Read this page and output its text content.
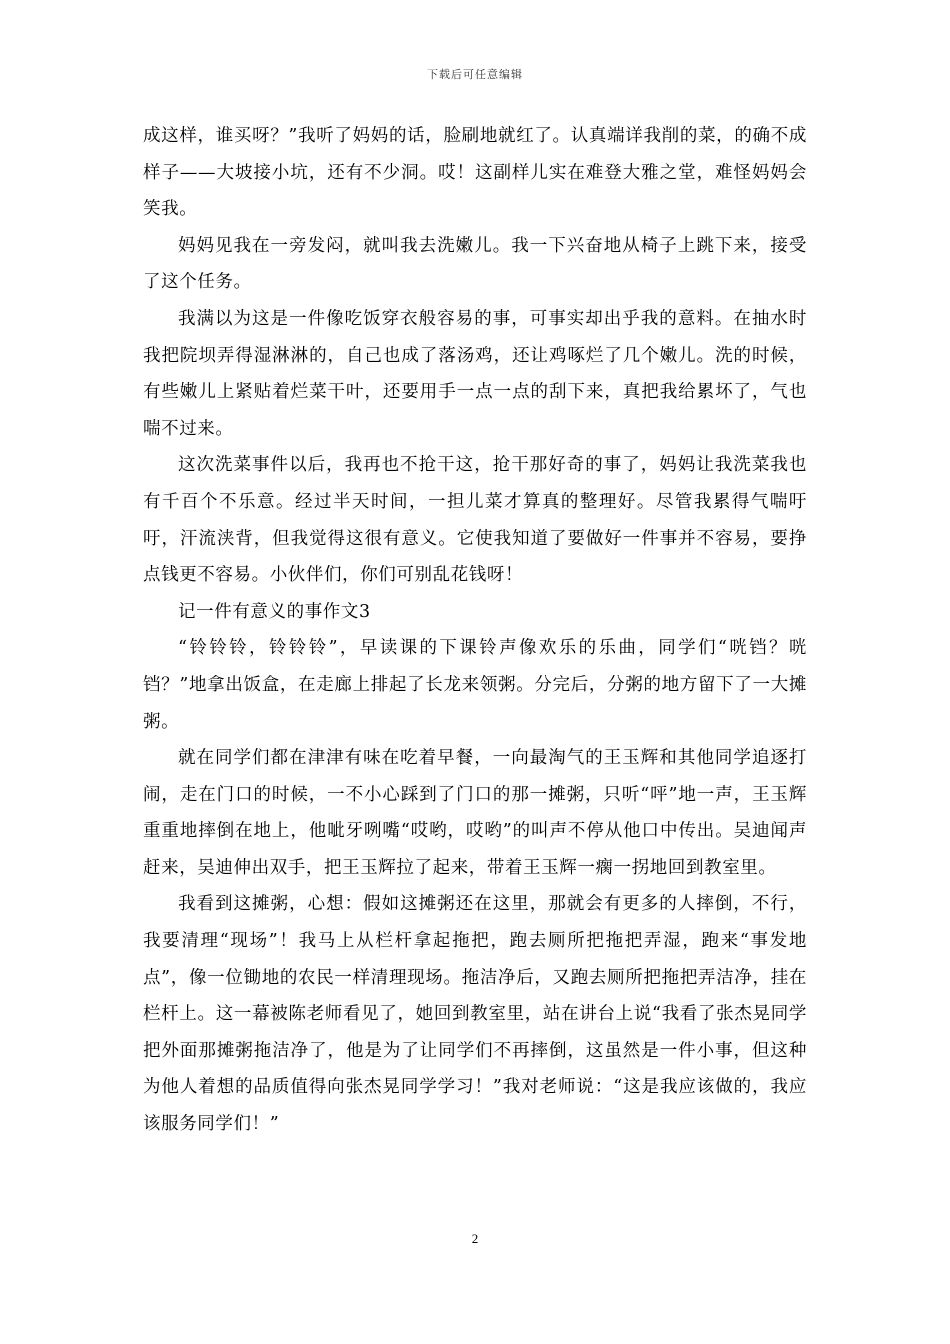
下载后可任意编辑

成这样，谁买呀？”我听了妈妈的话，脸刷地就红了。认真端详我削的菜，的确不成样子——大坡接小坑，还有不少洞。哎！这副样儿实在难登大雅之堂，难怪妈妈会笑我。

妈妈见我在一旁发闷，就叫我去洗嫩儿。我一下兴奋地从椅子上跳下来，接受了这个任务。

我满以为这是一件像吃饭穿衣般容易的事，可事实却出乎我的意料。在抽水时我把院坝弄得湿淋淋的，自己也成了落汤鸡，还让鸡啄烂了几个嫩儿。洗的时候，有些嫩儿上紧贴着烂菜干叶，还要用手一点一点的刮下来，真把我给累坏了，气也喘不过来。

这次洗菜事件以后，我再也不抢干这，抢干那好奇的事了，妈妈让我洗菜我也有千百个不乐意。经过半天时间，一担儿菜才算真的整理好。尽管我累得气喘吁吁，汗流浃背，但我觉得这很有意义。它使我知道了要做好一件事并不容易，要挣点钱更不容易。小伙伴们，你们可别乱花钱呀！

记一件有意义的事作文3

“铃铃铃，铃铃铃”，早读课的下课铃声像欢乐的乐曲，同学们“咣铛？咣铛？”地拿出饭盒，在走廊上排起了长龙来领粥。分完后，分粥的地方留下了一大摊粥。

就在同学们都在津津有味在吃着早餐，一向最淘气的王玉辉和其他同学追逐打闹，走在门口的时候，一不小心踩到了门口的那一摊粥，只听“呯”地一声，王玉辉重重地摔倒在地上，他呲牙咧嘴“哎哟，哎哟”的叫声不停从他口中传出。吴迪闻声赶来，吴迪伸出双手，把王玉辉拉了起来，带着王玉辉一瘸一拐地回到教室里。

我看到这摊粥，心想：假如这摊粥还在这里，那就会有更多的人摔倒，不行，我要清理“现场”！我马上从栏杆拿起拖把，跑去厕所把拖把弄湿，跑来“事发地点”，像一位锄地的农民一样清理现场。拖洁净后，又跑去厕所把拖把弄洁净，挂在栏杆上。这一幕被陈老师看见了，她回到教室里，站在讲台上说“我看了张杰晃同学把外面那摊粥拖洁净了，他是为了让同学们不再摔倒，这虽然是一件小事，但这种为他人着想的品质值得向张杰晃同学学习！”我对老师说：“这是我应该做的，我应该服务同学们！”

2
